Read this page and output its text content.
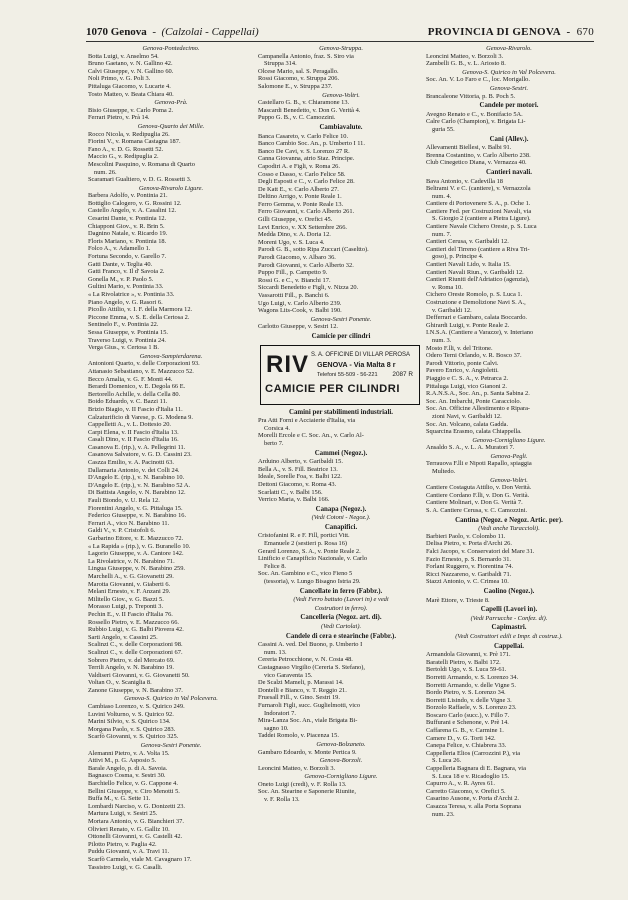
1070 Genova  -  (Calzolai - Cappellai)	PROVINCIA DI GENOVA  -  670
Genova-Pontedecimo.
Botta Luigi, v. Anselmo 54.
Bruno Gaetano, v. N. Gallino 42.
Calvi Giuseppe, v. N. Gallino 60.
Noli Primo, v. G. Poli 3.
Pittaluga Giacomo, v. Lucarte 4.
Tosto Matteo, v. Beata Chiara 40.
Genova-Prà.
Bisio Giuseppe, v. Carlo Poma 2.
Ferrari Pietro, v. Prà 14.
Genova-Quarto dei Mille.
Rocco Nicola, v. Redipuglia 26.
Fiorini V., v. Romana Castagna 187.
Fano A., v. D. G. Rossetti 52.
Maccio G., v. Redipuglia 2.
Mescolini Pasquino, v. Romana di Quarto
num. 26.
Scaramari Gualtiero, v. D. G. Rossetti 3.
Genova-Rivarolo Ligure.
Barbera Adolfo, v. Pontinia 21.
Bottiglio Calogero, v. G. Rossini 12.
Castello Angelo, v. A. Casalini 12.
Cesarini Dante, v. Pontinia 12.
Chiapponi Giov., v. R. Brin 5.
Dagnino Natale, v. Ricardo 19.
Floris Mariano, v. Pontinia 18.
Folco A., v. Adamello 1.
Fortuna Secondo, v. Garello 7.
Gatti Dante, v. Teglia 40.
Gatti Franco, v. Il d' Savoia 2.
Gonella M., v. P. Paolo 5.
Gultini Mario, v. Pontinia 33.
« La Rivolatrice », v. Pontinia 33.
Piano Angelo, v. G. Rasori 6.
Picollo Attilio, v. I. F. della Marmora 12.
Piccone Emma, v. S. E. della Certosa 2.
Sentinelo F., v. Pontinia 22.
Sessa Giuseppe, v. Pontinia 15.
Traverso Luigi, v. Pontinia 24.
Verga Gius., v. Certosa 1 B.
Genova-Sampierdarena.
Antonioni Quarto, v. delle Corporazioni 93.
Attanasio Sebastiano, v. E. Mazzucco 52.
Becco Amalia, v. G. F. Monti 44.
Berardi Domenico, v. E. Degola 66 E.
Bertorello Achille, v. della Cella 80.
Boido Eduardo, v. C. Bazzi 11.
Brizio Biagio, v. II Fascio d'Italia 11.
Calzaturificio di Varese, p. G. Modena 9.
Cappelletti A., v. L. Dottesio 20.
Carpi Elena, v. II Fascio d'Italia 13.
Casali Dino, v. II Fascio d'Italia 16.
Casanova E. (rip.), v. A. Pellegrini 11.
Casanova Salvatore, v. G. D. Cassini 23.
Caszza Emilio, v. A. Pacinotti 63.
Dallamaria Antonio, v. dei Colli 24.
D'Angelo E. (rip.), v. N. Barabino 10.
D'Angelo E. (rip.), v. N. Barabino 52 A.
Di Battista Angelo, v. N. Barabino 12.
Fauli Biondo, v. U. Rela 12.
Fiorentini Angelo, v. G. Pittaluga 15.
Federico Giuseppe, v. N. Barabino 16.
Ferrari A., vico N. Barabino 11.
Galdi V., v. P. Cristofoli 6.
Garbarino Ettore, v. E. Mazzucco 72.
« La Rapida » (rip.), v. G. Buranello 10.
Lagorio Giuseppe, v. A. Cantore 142.
La Rivolatrice, v. N. Barabino 71.
Lingua Giuseppe, v. N. Barabino 259.
Marchelli A., v. G. Giovanetti 29.
Marotta Giovanni, v. Giaberti 6.
Melani Ernesto, v. F. Anzani 29.
Militello Giov., v. G. Bazzi 5.
Morasso Luigi, p. Treponti 3.
Pechin E., v. II Fascio d'Italia 76.
Rossello Pietro, v. E. Mazzucco 66.
Rubbio Luigi, v. G. Balbi Piovera 42.
Sarti Angelo, v. Cassini 25.
Scalinzi C., v. delle Corporazioni 98.
Scalinzi C., v. delle Corporazioni 67.
Sobrero Pietro, v. del Mercato 69.
Terrili Angelo, v. N. Barabino 19.
Valdiseri Giovanni, v. G. Giovanetti 50.
Voltan O., v. Scaniglia 8.
Zanone Giuseppe, v. N. Barabino 37.
Genova-S. Quirico in Val Polcevera.
Cambiaso Lorenzo, v. S. Quirico 249.
Luvini Volturno, v. S. Quirico 92.
Marini Silvio, v. S. Quirico 134.
Morgana Paolo, v. S. Quirico 283.
Scarfò Giovanni, v. S. Quirico 325.
Genova-Sestri Ponente.
Alemanni Pietro, v. A. Volta 15.
Attivi M., p. G. Asposio 5.
Barale Angelo, p. di A. Savoia.
Bagnasco Cosma, v. Sestri 30.
Barchiello Felice, v. G. Cappone 4.
Bellini Giuseppe, v. Ciro Menotti 5.
Buffa M., v. G. Sette 11.
Lombardi Narciso, v. G. Donizetti 23.
Martura Luigi, v. Sestri 25.
Mortara Antonio, v. G. Bianchieri 37.
Olivieri Renato, v. G. Galliz 10.
Ottonelli Giovanni, v. G. Castelli 42.
Pilotto Pietro, v. Paglia 42.
Puddu Giovanni, v. A. Travi 11.
Scarfò Carmelo, viale M. Cavagnaro 17.
Tassistro Luigi, v. G. Casalli.
Genova-Struppa.
Campanella Antonio, fraz. S. Siro via
Struppa 314.
Olcese Mario, sal. S. Peragallo.
Rossi Giacomo, v. Struppa 206.
Salomone E., v. Struppa 237.
Genova-Voltri.
Castellaro G. B., v. Chiaramone 13.
Mascardi Benedetto, v. Don G. Verità 4.
Puppo G. B., v. C. Camozzini.
Cambiavalute.
Banca Casareto, v. Carlo Felice 10.
Banco Cambio Soc. An., p. Umberto I 11.
Banco De Cavi, v. S. Lorenzo 27 R.
Canna Giovanna, atrio Staz. Principe.
Capodiri A. e Figli, v. Roma 26.
Cosso e Dasso, v. Carlo Felice 58.
Degli Esposti e C., v. Carlo Felice 28.
De Katt E., v. Carlo Alberto 27.
Deltino Arrigo, v. Ponte Reale 1.
Ferro Gemma, v. Ponte Reale 13.
Ferro Giovanni, v. Carlo Alberto 261.
Gilli Giuseppe, v. Orefici 45.
Levi Enrico, v. XX Settembre 266.
Medda Dino, v. A. Doria 12.
Moreni Ugo, v. S. Luca 4.
Parodi G. B., sotto Ripa Zuccari (Caseltto).
Parodi Giacomo, v. Albaro 36.
Parodi Giovanni, v. Carlo Alberto 32.
Puppo Fill., p. Campetto 9.
Rossi G. e C., v. Bianchi 17.
Siccardi Benedetto e Figli, v. Nizza 20.
Vassarotti Fill., p. Banchi 6.
Ugo Luigi, v. Carlo Alberto 239.
Wagons Lits-Cook, v. Balbi 190.
Genova-Sestri Ponente.
Carlotto Giuseppe, v. Sestri 12.
Camicie per cilindri
RIV S. A. OFFICINE DI VILLAR PEROSA
GENOVA - Via Malta 8 r
Telefoni 55-509 - 56-221 2087 R
CAMICIE PER CILINDRI
Camini per stabilimenti industriali.
Pra Atti Forni e Acciaierie d'Italia, via
Corsica 4.
Morelli Ercole e C. Soc. An., v. Carlo Al-
berto 7.
Cammei (Negoz.).
Arduino Alberto, v. Garibaldi 15.
Bella A., v. S. Fill. Beatrice 13.
Ideale, Sorelle Foa, v. Balbi 122.
Dettoni Giacomo, v. Roma 43.
Scarlatti C., v. Balbi 156.
Verrico Maria, v. Balbi 166.
Canapa (Negoz.).
(Vedi Cotoni - Negoz.).
Canapifici.
Cristofanini R. e F. Fill, portici Vitt.
Emanuele 2 (sestieri p. Rosa 16)
Gerard Lorenzo, S. A., v. Ponte Reale 2.
Linificio e Canapificio Nazionale, v. Carlo
Felice 8.
Soc. An. Gambino e C., vico Fieno 5
(tessoria), v. Lungo Bisagno Istria 29.
Cancellate in ferro (Fabbr.).
(Vedi Ferro battuto (Lavori in) e vedi
Costruttori in ferro).
Cancelleria (Negoz. art. di).
(Vedi Cartolai).
Candele di cera e stearinche (Fabbr.).
Cassini A. ved. Del Buono, p. Umberto I
num. 13.
Cereria Petrocchione, v. N. Costa 48.
Castagnasso Virgilio (Cereria S. Stefano),
vico Garaventa 15.
De Scalzi Mameli, p. Marassi 14.
Dontelli e Bianco, v. T. Reggio 21.
Fruesall Fill., v. Gino. Sestri 19.
Furnaroli Figli, succ. Guglielmotti, vico
Indoratori 7.
Mira-Lanza Soc. An., viale Brigata Bi-
sagno 10.
Taddei Romolo, v. Piacenza 15.
Genova-Bolzaneto.
Gambaro Edoardo, v. Monte Pertica 9.
Genova-Borzoli.
Leoncini Matteo, v. Borzoli 3.
Genova-Cornigliano Ligure.
Oneto Luigi (credi), v. F. Rolla 13.
Soc. An. Stearine e Saponerie Riunite,
v. F. Rolla 13.
Genova-Rivarolo.
Leoncini Matteo, v. Borzoli 3.
Zambelli G. B., v. L. Ariosto 8.
Genova-S. Quirico in Val Polcevera.
Soc. An. V. Lo Faro e C., loc. Morigallo.
Genova-Sestri.
Brancaleone Vittoria, p. B. Poch 5.
Candele per motori.
Avegno Renato e C., v. Bonifacio 5A.
Calre Carlo (Champion), v. Brigata Li-
guria 55.
Cani (Allev.).
Allevamenti Biellesi, v. Balbi 91.
Brenna Costantino, v. Carlo Alberto 238.
Club Cinegetico Diana, v. Vernazza 40.
Cantieri navali.
Bava Antonio, v. Cadevilla 18
Beltrami V. e C. (cantiere), v. Vernazzola
num. 4.
Cantiere di Portovenere S. A., p. Oche 1.
Cantiere Fed. per Costruzioni Navali, via
S. Giorgio 2 (cantiere a Pietra Ligure).
Cantiere Navale Cichero Oreste, p. S. Luca
num. 7.
Cantieri Cerusa, v. Garibaldi 12.
Cantieri del Tirreno (cantiere a Riva Tri-
goso), p. Principe 4.
Cantieri Navali Lido, v. Italia 15.
Cantieri Navali Riun., v. Garibaldi 12.
Cantieri Riuniti dell'Adriatico (agenzia),
v. Roma 10.
Cichero Oreste Romolo, p. S. Luca 1.
Costruzione e Demolizione Navi S. A.,
v. Garibaldi 12.
Defferrari e Gambaro, calata Boccardo.
Ghirardi Luigi, v. Ponte Reale 2.
I.N.S.A. (Cantiere a Varazze), v. Interiano
num. 3.
Mosto F.lli, v. del Tritone.
Odero Terni Orlando, v. R. Bosco 37.
Parodi Vittorio, ponte Calvi.
Pavero Enrico, v. Angioletti.
Piaggio e C. S. A., v. Petrarca 2.
Pittaluga Luigi, vico Gianoni 2.
R.A.N.S.A., Soc. An., p. Santa Sabina 2.
Soc. An. Imbarchi, Ponte Caracciolo.
Soc. An. Officine Allestimento e Ripara-
zioni Navi, v. Garibaldi 12.
Soc. An. Volcano, calata Gadda.
Squarcina Erasmo, calata Chiappella.
Genova-Cornigliano Ligure.
Ansaldo S. A., v. L. A. Muratori 7.
Genova-Pegli.
Terrauova F.lli e Nipoti Rapallo, spiaggia
Multedo.
Genova-Voltri.
Cantiere Costaguta Attilio, v. Don Verità.
Cantiere Cordano F.lli, v. Don G. Verità.
Cantiere Molinari, v. Don G. Verità 7.
S. A. Cantiere Cerusa, v. C. Camozzini.
Cantina (Negoz. e Negoz. Artic. per).
(Vedi anche Turaccioli).
Barbieri Paolo, v. Colombo 11.
Delisa Pietro, v. Porta d'Archi 26.
Falci Jacopo, v. Conservatori del Mare 31.
Fazio Ernesto, p. S. Bernardo 31.
Forlani Ruggero, v. Fiorentina 74.
Ricci Nazzareno, v. Garibaldi 71.
Stazzi Antonio, v. C. Crimea 10.
Caolino (Negoz.).
Marè Ettore, v. Trieste 8.
Capelli (Lavori in).
(Vedi Parrucche - Confez. di).
Capimastri.
(Vedi Costruttori edili e Impr. di costruz.).
Cappellai.
Armandola Giovanni, v. Prè 171.
Baratelli Pietro, v. Balbi 172.
Bertoldi Ugo, v. S. Luca 59-61.
Borretti Armando, v. S. Lorenzo 34.
Borretti Armando, v. delle Vigne 5.
Bordo Pietro, v. S. Lorenzo 34.
Borretti Lisindo, v. delle Vigne 3.
Borzolo Raffaele, v. S. Lorenzo 23.
Boscaro Carlo (succ.), v. Fillo 7.
Buffurani e Schenone, v. Prè 14.
Caffarena G. B., v. Carmine 1.
Camere D., v. G. Torti 142.
Canepa Felice, v. Chiabrera 33.
Cappelleria Elios (Carrozzini P.), via
S. Luca 26.
Cappelleria Bagnara di E. Bagnara, via
S. Luca 18 e v. Ricadoglio 15.
Capurro A., v. R. Ayres 61.
Carretto Giacomo, v. Orefici 5.
Casarino Ausone, v. Porta d'Archi 2.
Casazza Teresa, v. alla Porta Soprana
num. 23.
